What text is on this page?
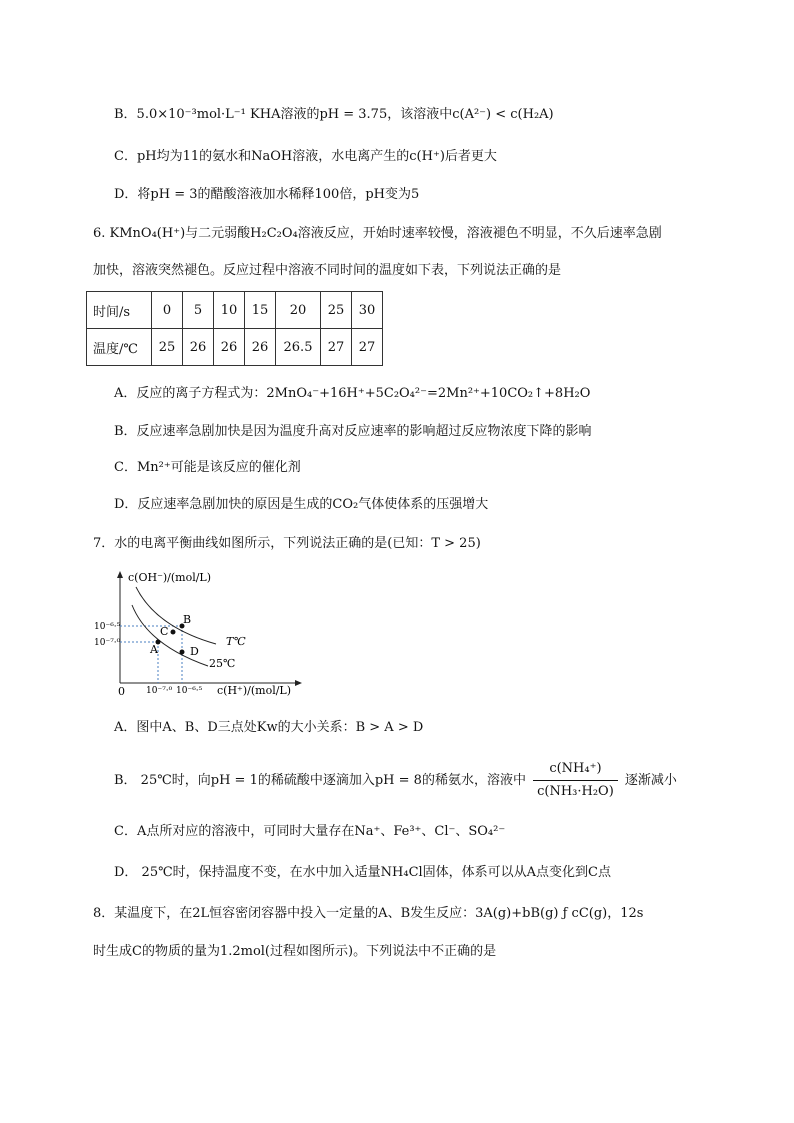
B．5.0×10⁻³mol·L⁻¹ KHA溶液的pH = 3.75，该溶液中c(A²⁻) < c(H₂A)
C．pH均为11的氨水和NaOH溶液，水电离产生的c(H⁺)后者更大
D．将pH = 3的醋酸溶液加水稀释100倍，pH变为5
6. KMnO₄(H⁺)与二元弱酸H₂C₂O₄溶液反应，开始时速率较慢，溶液褪色不明显，不久后速率急剧
加快，溶液突然褪色。反应过程中溶液不同时间的温度如下表，下列说法正确的是
时间/s	0	5	10	15	20	25	30
温度/℃	25	26	26	26	26.5	27	27
A．反应的离子方程式为：2MnO₄⁻+16H⁺+5C₂O₄²⁻=2Mn²⁺+10CO₂↑+8H₂O
B．反应速率急剧加快是因为温度升高对反应速率的影响超过反应物浓度下降的影响
C．Mn²⁺可能是该反应的催化剂
D．反应速率急剧加快的原因是生成的CO₂气体使体系的压强增大
7．水的电离平衡曲线如图所示，下列说法正确的是(已知：T > 25)
c(OH⁻)/(mol/L)
c(H⁺)/(mol/L)
0
10⁻⁶·⁵
10⁻⁷·⁰
10⁻⁷·⁰ 10⁻⁶·⁵
T℃
25℃
A
B
C
D
A．图中A、B、D三点处Kw的大小关系：B > A > D
B． 25℃时，向pH = 1的稀硫酸中逐滴加入pH = 8的稀氨水，溶液中 $\frac{\text{c(NH₄⁺)}}{\text{c(NH₃·H₂O)}}$ 逐渐减小
C．A点所对应的溶液中，可同时大量存在Na⁺、Fe³⁺、Cl⁻、SO₄²⁻
D． 25℃时，保持温度不变，在水中加入适量NH₄Cl固体，体系可以从A点变化到C点
8．某温度下，在2L恒容密闭容器中投入一定量的A、B发生反应：3A(g)+bB(g) ƒ cC(g)，12s
时生成C的物质的量为1.2mol(过程如图所示)。下列说法中不正确的是
